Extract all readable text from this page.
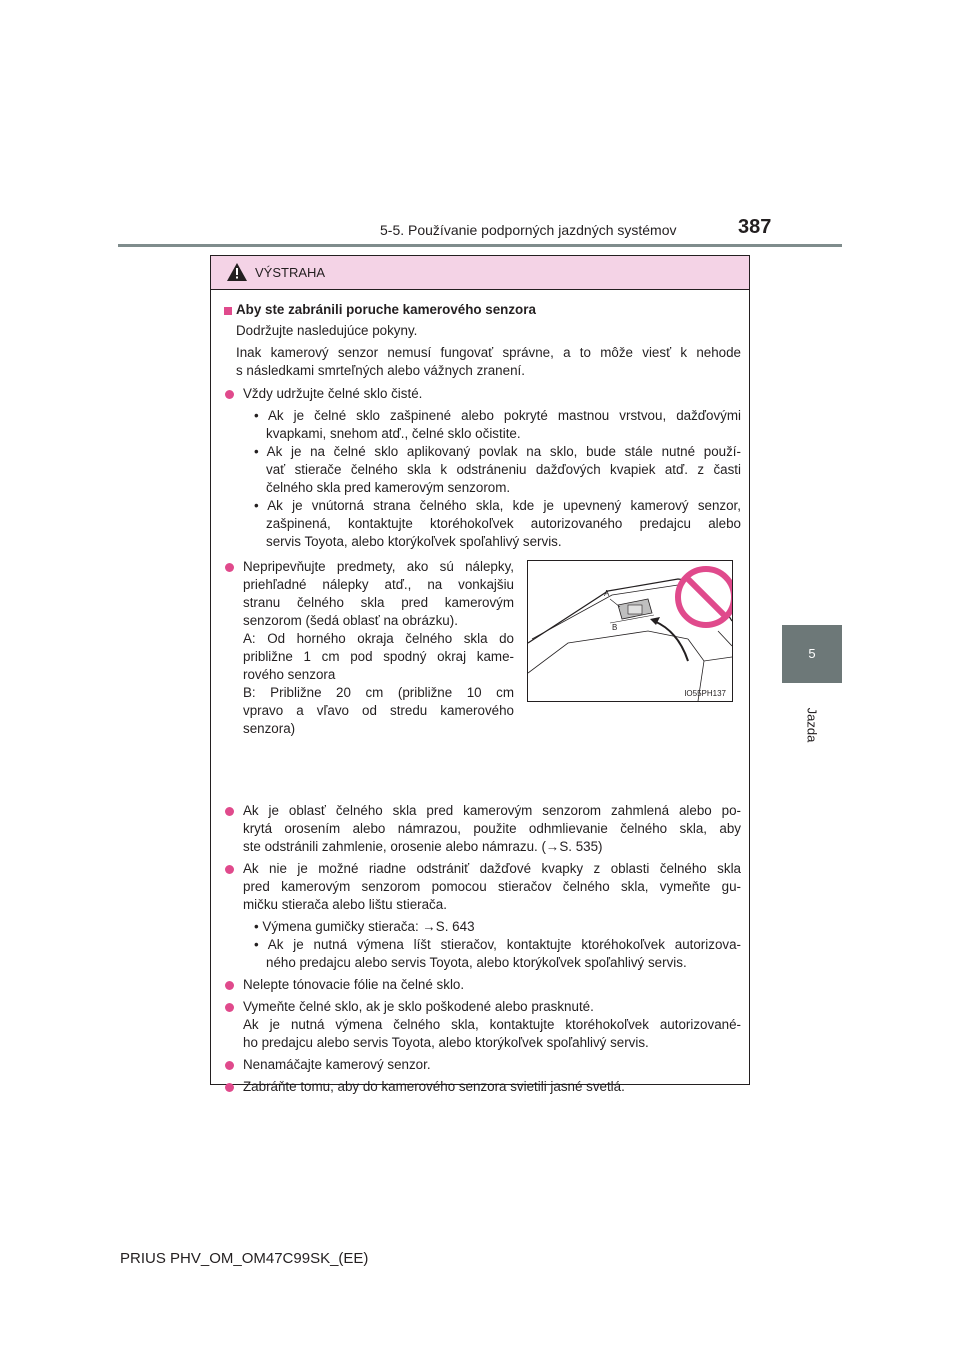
5-5. Používanie podporných jazdných systémov	387
5
Jazda
VÝSTRAHA
Aby ste zabránili poruche kamerového senzora
Dodržujte nasledujúce pokyny.
Inak kamerový senzor nemusí fungovať správne, a to môže viesť k nehode
s následkami smrteľných alebo vážnych zranení.
Vždy udržujte čelné sklo čisté.
• Ak je čelné sklo zašpinené alebo pokryté mastnou vrstvou, dažďovými
kvapkami, snehom atď., čelné sklo očistite.
• Ak je na čelné sklo aplikovaný povlak na sklo, bude stále nutné použí-
vať stierače čelného skla k odstráneniu dažďových kvapiek atď. z časti
čelného skla pred kamerovým senzorom.
• Ak je vnútorná strana čelného skla, kde je upevnený kamerový senzor,
zašpinená, kontaktujte ktoréhokoľvek autorizovaného predajcu alebo
servis Toyota, alebo ktorýkoľvek spoľahlivý servis.
Nepripevňujte predmety, ako sú nálepky,
priehľadné nálepky atď., na vonkajšiu
stranu čelného skla pred kamerovým
senzorom (šedá oblasť na obrázku).
A: Od horného okraja čelného skla do
približne 1 cm pod spodný okraj kame-
rového senzora
B: Približne 20 cm (približne 10 cm
vpravo a vľavo od stredu kamerového
senzora)
A
B
IO55PH137
Ak je oblasť čelného skla pred kamerovým senzorom zahmlená alebo po-
krytá orosením alebo námrazou, použite odhmlievanie čelného skla, aby
ste odstránili zahmlenie, orosenie alebo námrazu. (→S. 535)
Ak nie je možné riadne odstrániť dažďové kvapky z oblasti čelného skla
pred kamerovým senzorom pomocou stieračov čelného skla, vymeňte gu-
mičku stierača alebo lištu stierača.
• Výmena gumičky stierača: →S. 643
• Ak je nutná výmena líšt stieračov, kontaktujte ktoréhokoľvek autorizova-
ného predajcu alebo servis Toyota, alebo ktorýkoľvek spoľahlivý servis.
Nelepte tónovacie fólie na čelné sklo.
Vymeňte čelné sklo, ak je sklo poškodené alebo prasknuté.
Ak je nutná výmena čelného skla, kontaktujte ktoréhokoľvek autorizované-
ho predajcu alebo servis Toyota, alebo ktorýkoľvek spoľahlivý servis.
Nenamáčajte kamerový senzor.
Zabráňte tomu, aby do kamerového senzora svietili jasné svetlá.
PRIUS PHV_OM_OM47C99SK_(EE)
